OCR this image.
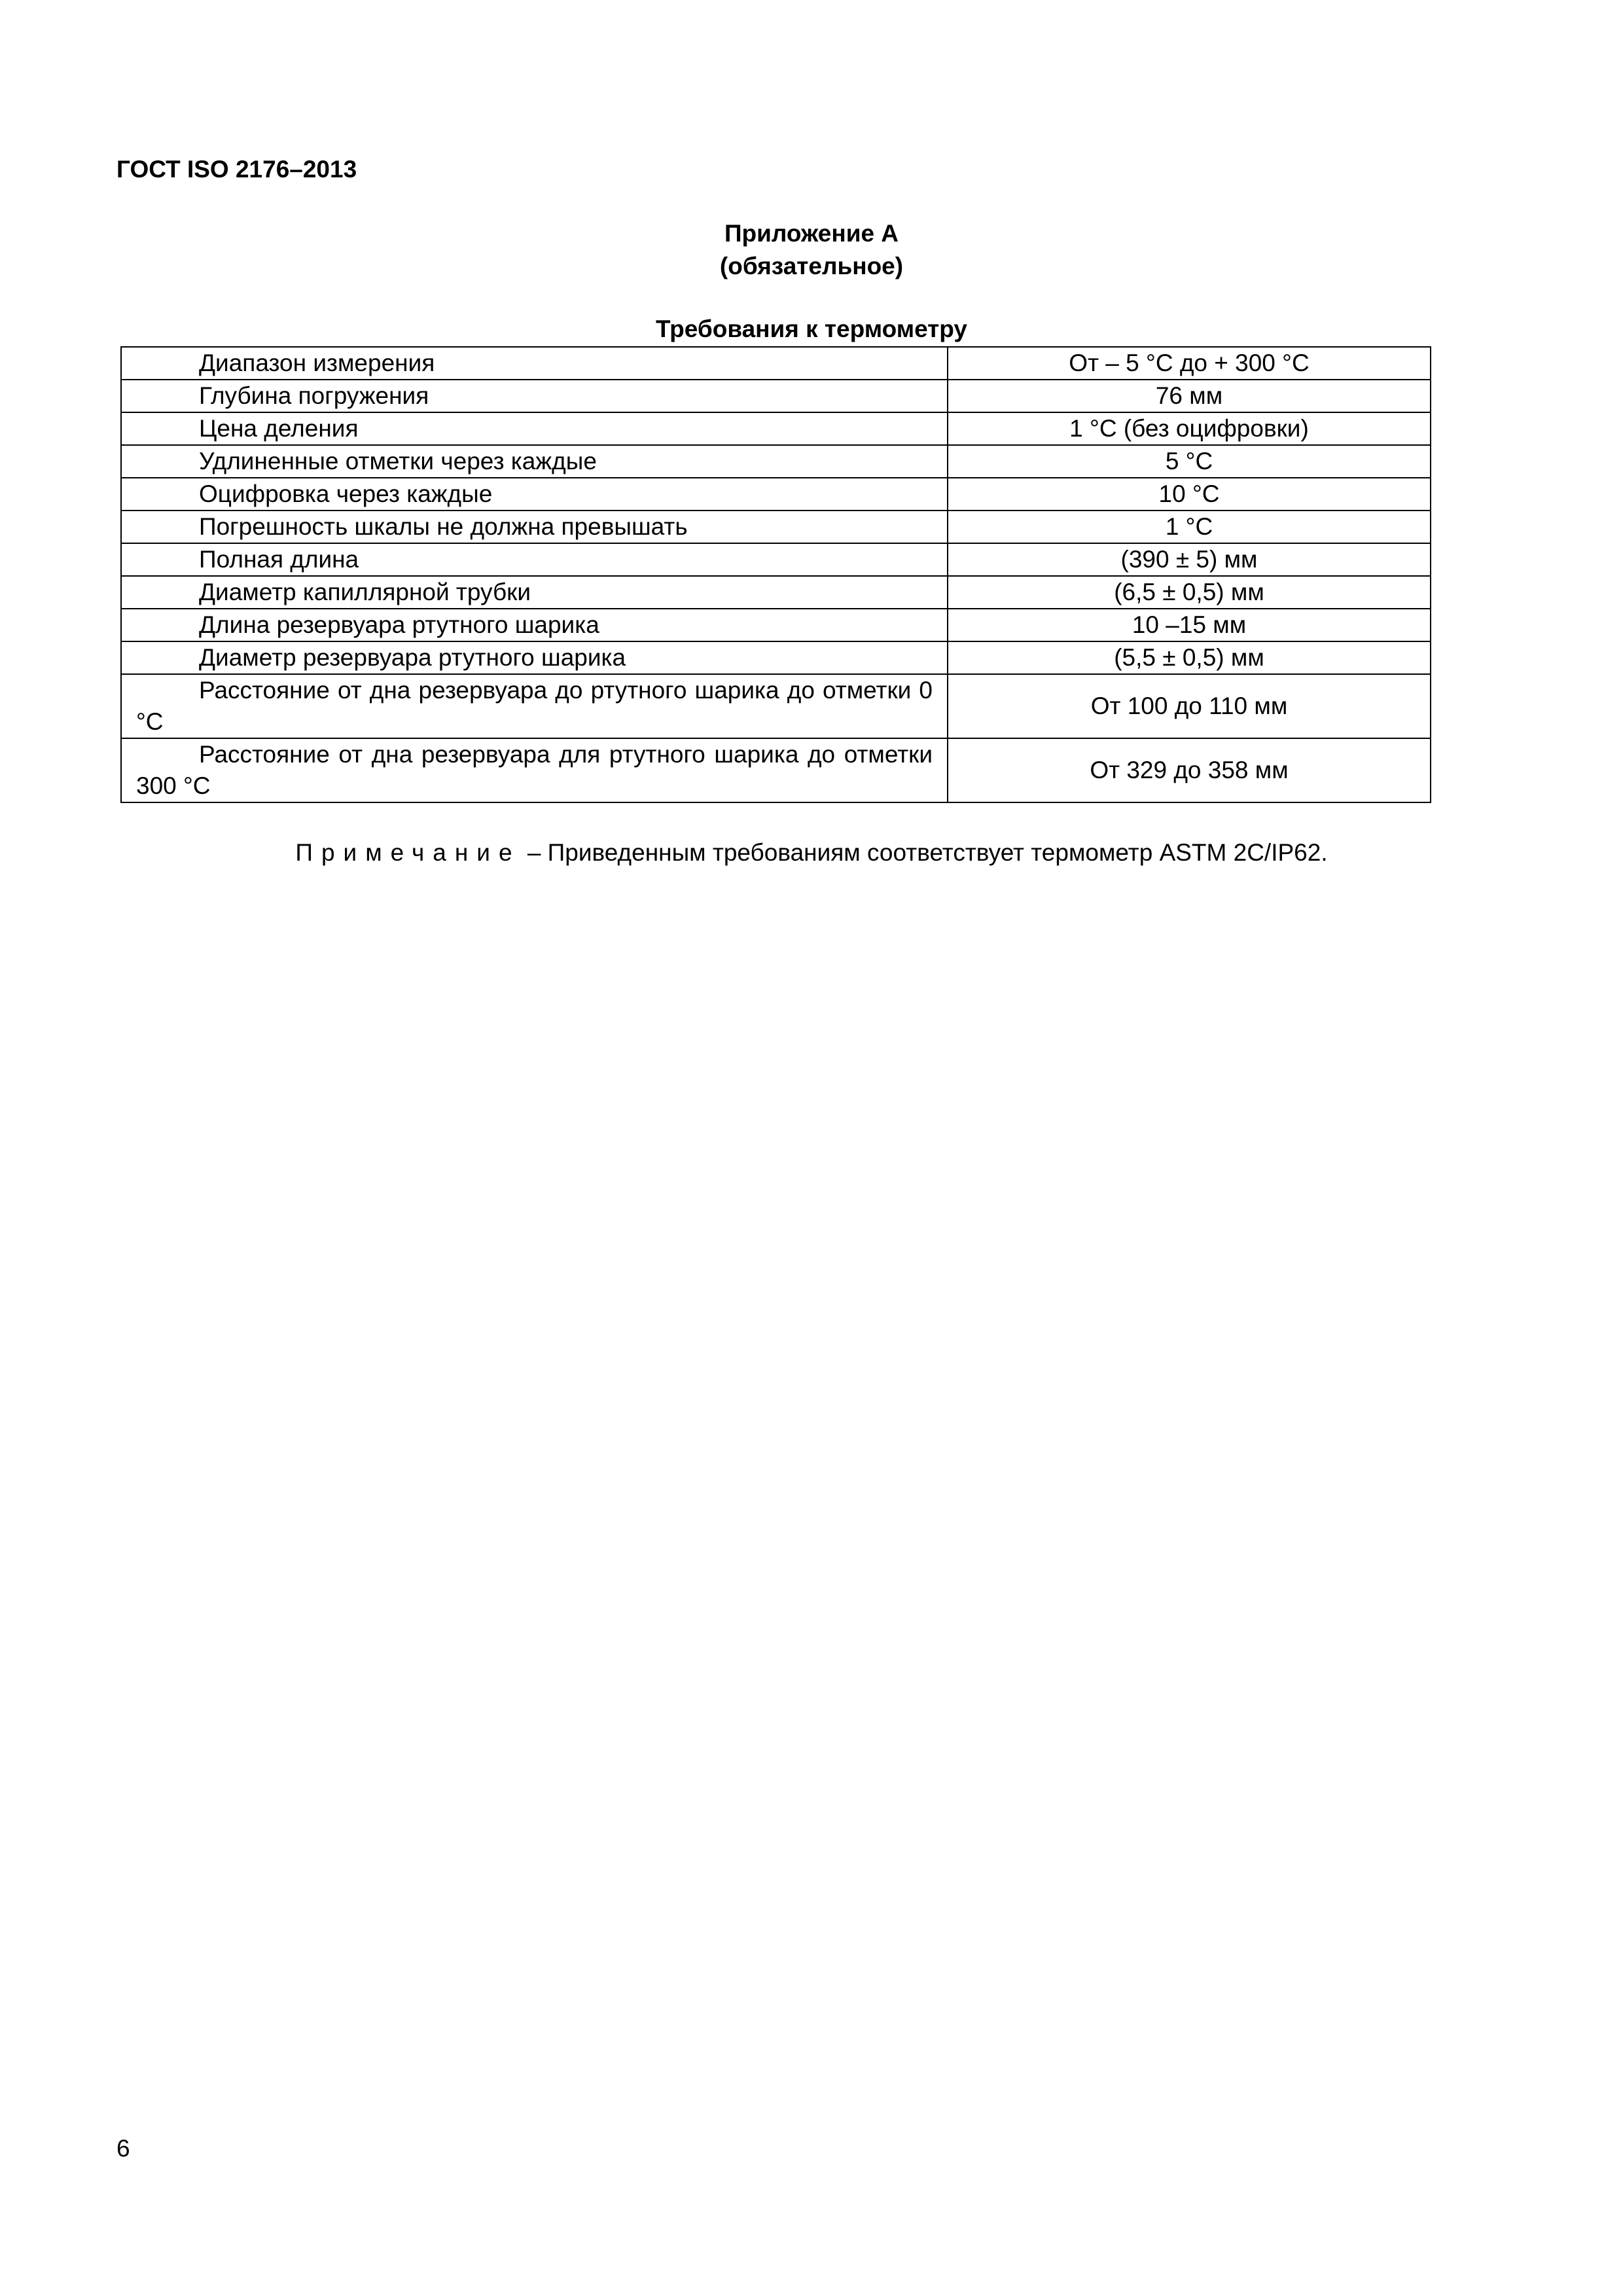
ГОСТ ISO 2176–2013
Приложение А
(обязательное)
Требования к термометру
Диапазон измерения	От – 5 °С до + 300 °С
Глубина погружения	76 мм
Цена деления	1 °С (без оцифровки)
Удлиненные отметки через каждые	5 °С
Оцифровка через каждые	10 °С
Погрешность шкалы не должна превышать	1 °С
Полная длина	(390 ± 5) мм
Диаметр капиллярной трубки	(6,5 ± 0,5) мм
Длина резервуара ртутного шарика	10 –15 мм
Диаметр резервуара ртутного шарика	(5,5 ± 0,5) мм
Расстояние от дна резервуара до ртутного шарика до отметки 0 °С	От 100 до 110 мм
Расстояние от дна резервуара для ртутного шарика до отметки 300 °С	От 329 до 358 мм
Примечание – Приведенным требованиям соответствует термометр ASTM 2C/IP62.
6
